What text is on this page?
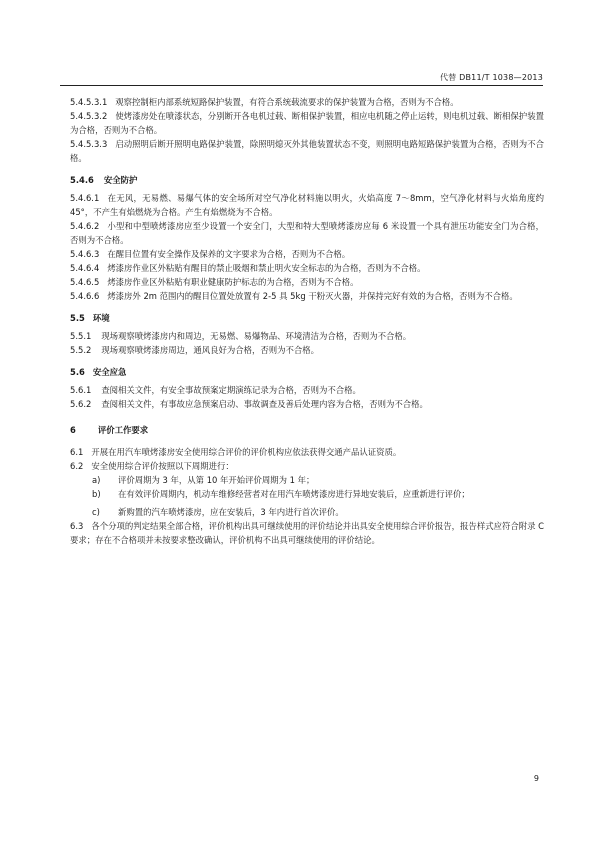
代替 DB11/T 1038—2013

5.4.5.3.1 观察控制柜内部系统短路保护装置，有符合系统载流要求的保护装置为合格，否则为不合格。

5.4.5.3.2 使烤漆房处在喷漆状态，分别断开各电机过载、断相保护装置，相应电机随之停止运转，则电机过载、断相保护装置为合格，否则为不合格。

5.4.5.3.3 启动照明后断开照明电路保护装置，除照明熄灭外其他装置状态不变，则照明电路短路保护装置为合格，否则为不合格。

5.4.6 安全防护

5.4.6.1 在无风，无易燃、易爆气体的安全场所对空气净化材料施以明火，火焰高度 7～8mm，空气净化材料与火焰角度约 45°，不产生有焰燃烧为合格。产生有焰燃烧为不合格。

5.4.6.2 小型和中型喷烤漆房应至少设置一个安全门，大型和特大型喷烤漆房应每 6 米设置一个具有泄压功能安全门为合格，否则为不合格。

5.4.6.3 在醒目位置有安全操作及保养的文字要求为合格，否则为不合格。

5.4.6.4 烤漆房作业区外粘贴有醒目的禁止吸烟和禁止明火安全标志的为合格，否则为不合格。

5.4.6.5 烤漆房作业区外粘贴有职业健康防护标志的为合格，否则为不合格。

5.4.6.6 烤漆房外 2m 范围内的醒目位置处放置有 2-5 具 5kg 干粉灭火器，并保持完好有效的为合格，否则为不合格。

5.5 环境

5.5.1 现场观察喷烤漆房内和周边，无易燃、易爆物品、环境清洁为合格，否则为不合格。

5.5.2 现场观察喷烤漆房周边，通风良好为合格，否则为不合格。

5.6 安全应急

5.6.1 查阅相关文件，有安全事故预案定期演练记录为合格，否则为不合格。

5.6.2 查阅相关文件，有事故应急预案启动、事故调查及善后处理内容为合格，否则为不合格。

6	评价工作要求

6.1 开展在用汽车喷烤漆房安全使用综合评价的评价机构应依法获得交通产品认证资质。

6.2 安全使用综合评价按照以下周期进行：

a) 评价周期为 3 年，从第 10 年开始评价周期为 1 年；
b) 在有效评价周期内，机动车维修经营者对在用汽车喷烤漆房进行异地安装后，应重新进行评价；
c) 新购置的汽车喷烤漆房，应在安装后，3 年内进行首次评价。

6.3 各个分项的判定结果全部合格，评价机构出具可继续使用的评价结论并出具安全使用综合评价报告，报告样式应符合附录 C 要求；存在不合格项并未按要求整改确认，评价机构不出具可继续使用的评价结论。

9
